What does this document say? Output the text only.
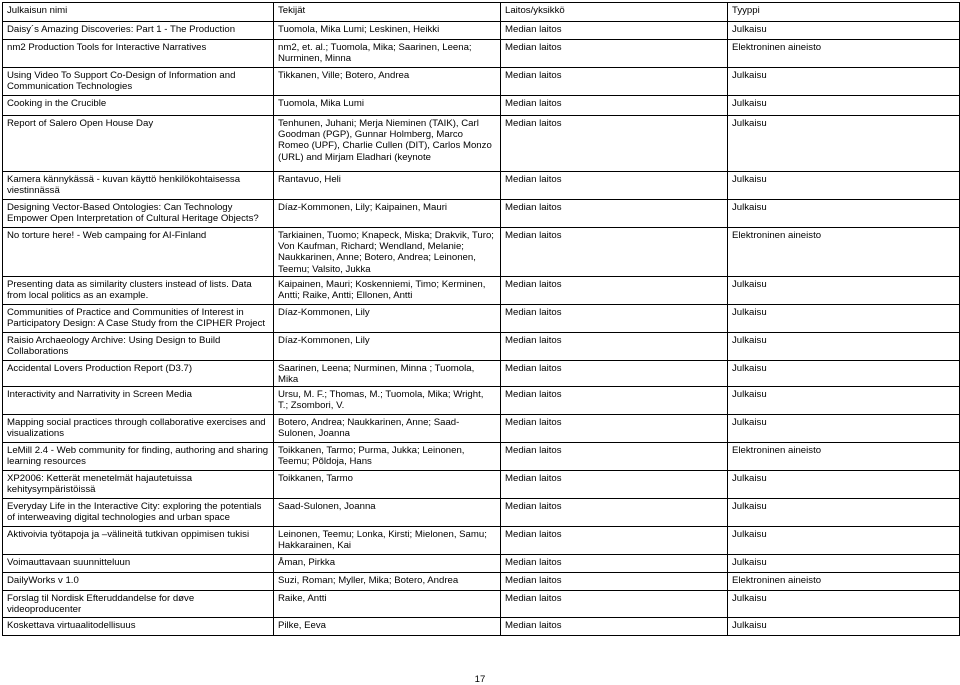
Julkaisun nimi	Tekijät	Laitos/yksikkö	Tyyppi
Daisy´s Amazing Discoveries: Part 1 - The Production	Tuomola, Mika Lumi; Leskinen, Heikki	Median laitos	Julkaisu
nm2 Production Tools for Interactive Narratives	nm2, et. al.; Tuomola, Mika; Saarinen, Leena; Nurminen, Minna	Median laitos	Elektroninen aineisto
Using Video To Support Co-Design of Information and Communication Technologies	Tikkanen, Ville; Botero, Andrea	Median laitos	Julkaisu
Cooking in the Crucible	Tuomola, Mika Lumi	Median laitos	Julkaisu
Report of Salero Open House Day	Tenhunen, Juhani; Merja Nieminen (TAIK), Carl Goodman (PGP), Gunnar Holmberg, Marco Romeo (UPF), Charlie Cullen (DIT), Carlos Monzo (URL) and Mirjam Eladhari (keynote	Median laitos	Julkaisu
Kamera kännykässä - kuvan käyttö henkilökohtaisessa viestinnässä	Rantavuo, Heli	Median laitos	Julkaisu
Designing Vector-Based Ontologies: Can Technology Empower Open Interpretation of Cultural Heritage Objects?	Díaz-Kommonen, Lily; Kaipainen, Mauri	Median laitos	Julkaisu
No torture here! - Web campaing for AI-Finland	Tarkiainen, Tuomo; Knapeck, Miska; Drakvik, Turo; Von Kaufman, Richard; Wendland, Melanie; Naukkarinen, Anne; Botero, Andrea; Leinonen, Teemu; Valsito, Jukka	Median laitos	Elektroninen aineisto
Presenting data as similarity clusters instead of lists. Data from local politics as an example.	Kaipainen, Mauri; Koskenniemi, Timo; Kerminen, Antti; Raike, Antti; Ellonen, Antti	Median laitos	Julkaisu
Communities of Practice and Communities of Interest in Participatory Design: A Case Study from the CIPHER Project	Díaz-Kommonen, Lily	Median laitos	Julkaisu
Raisio Archaeology Archive: Using Design to Build Collaborations	Díaz-Kommonen, Lily	Median laitos	Julkaisu
Accidental Lovers Production Report (D3.7)	Saarinen, Leena; Nurminen, Minna ; Tuomola, Mika	Median laitos	Julkaisu
Interactivity and Narrativity in Screen Media	Ursu, M. F.; Thomas, M.; Tuomola, Mika; Wright, T.; Zsombori, V.	Median laitos	Julkaisu
Mapping social practices through collaborative exercises and visualizations	Botero, Andrea; Naukkarinen, Anne; Saad-Sulonen, Joanna	Median laitos	Julkaisu
LeMill 2.4 - Web community for finding, authoring and sharing learning resources	Toikkanen, Tarmo; Purma, Jukka; Leinonen, Teemu; Põldoja, Hans	Median laitos	Elektroninen aineisto
XP2006: Ketterät menetelmät hajautetuissa kehitysympäristöissä	Toikkanen, Tarmo	Median laitos	Julkaisu
Everyday Life in the Interactive City: exploring the potentials of interweaving digital technologies and urban space	Saad-Sulonen, Joanna	Median laitos	Julkaisu
Aktivoivia työtapoja ja –välineitä tutkivan oppimisen tukisi	Leinonen, Teemu; Lonka, Kirsti; Mielonen, Samu; Hakkarainen, Kai	Median laitos	Julkaisu
Voimauttavaan suunnitteluun	Åman, Pirkka	Median laitos	Julkaisu
DailyWorks v 1.0	Suzi, Roman; Myller, Mika; Botero, Andrea	Median laitos	Elektroninen aineisto
Forslag til Nordisk Efteruddandelse for døve videoproducenter	Raike, Antti	Median laitos	Julkaisu
Koskettava virtuaalitodellisuus	Pilke, Eeva	Median laitos	Julkaisu
17
